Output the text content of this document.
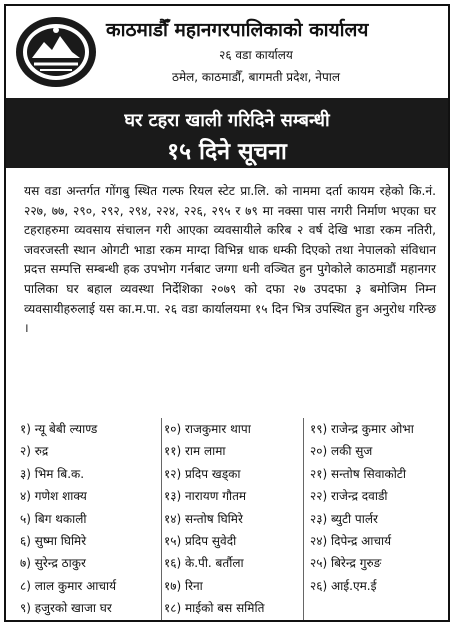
काठमाडौँ महानगरपालिकाको कार्यालय
२६ वडा कार्यालय
ठमेल, काठमाडौँ, बागमती प्रदेश, नेपाल
घर टहरा खाली गरिदिने सम्बन्धी
१५ दिने सूचना

यस वडा अन्तर्गत गोंगबु स्थित गल्फ रियल स्टेट प्रा.लि. को नाममा दर्ता कायम रहेको कि.नं. २२७, ७७, २९०, २९२, २९४, २२४, २२६, २९५ र ७९ मा नक्सा पास नगरी निर्माण भएका घर टहराहरुमा व्यवसाय संचालन गरी आएका व्यवसायीले करिब २ वर्ष देखि भाडा रकम नतिरी, जवरजस्ती स्थान ओगटी भाडा रकम माग्दा विभिन्न धाक धम्की दिएको तथा नेपालको संविधान प्रदत्त सम्पत्ति सम्बन्धी हक उपभोग गर्नबाट जग्गा धनी वञ्चित हुन पुगेकोले काठमाडौं महानगर पालिका घर बहाल व्यवस्था निर्देशिका २०७९ को दफा २७ उपदफा ३ बमोजिम निम्न व्यवसायीहरुलाई यस का.म.पा. २६ वडा कार्यालयमा १५ दिन भित्र उपस्थित हुन अनुरोध गरिन्छ ।

१) न्यू बेबी ल्याण्ड
२) रुद्र
३) भिम बि.क.
४) गणेश शाक्य
५) बिग थकाली
६) सुष्मा घिमिरे
७) सुरेन्द्र ठाकुर
८) लाल कुमार आचार्य
९) हजुरको खाजा घर
१०) राजकुमार थापा
११) राम लामा
१२) प्रदिप खड्का
१३) नारायण गौतम
१४) सन्तोष घिमिरे
१५) प्रदिप सुवेदी
१६) के.पी. बर्तौला
१७) रिना
१८) माईको बस समिति
१९) राजेन्द्र कुमार ओभा
२०) लकी सुज
२१) सन्तोष सिवाकोटी
२२) राजेन्द्र दवाडी
२३) ब्युटी पार्लर
२४) दिपेन्द्र आचार्य
२५) बिरेन्द्र गुरुङ
२६) आई.एम.ई
